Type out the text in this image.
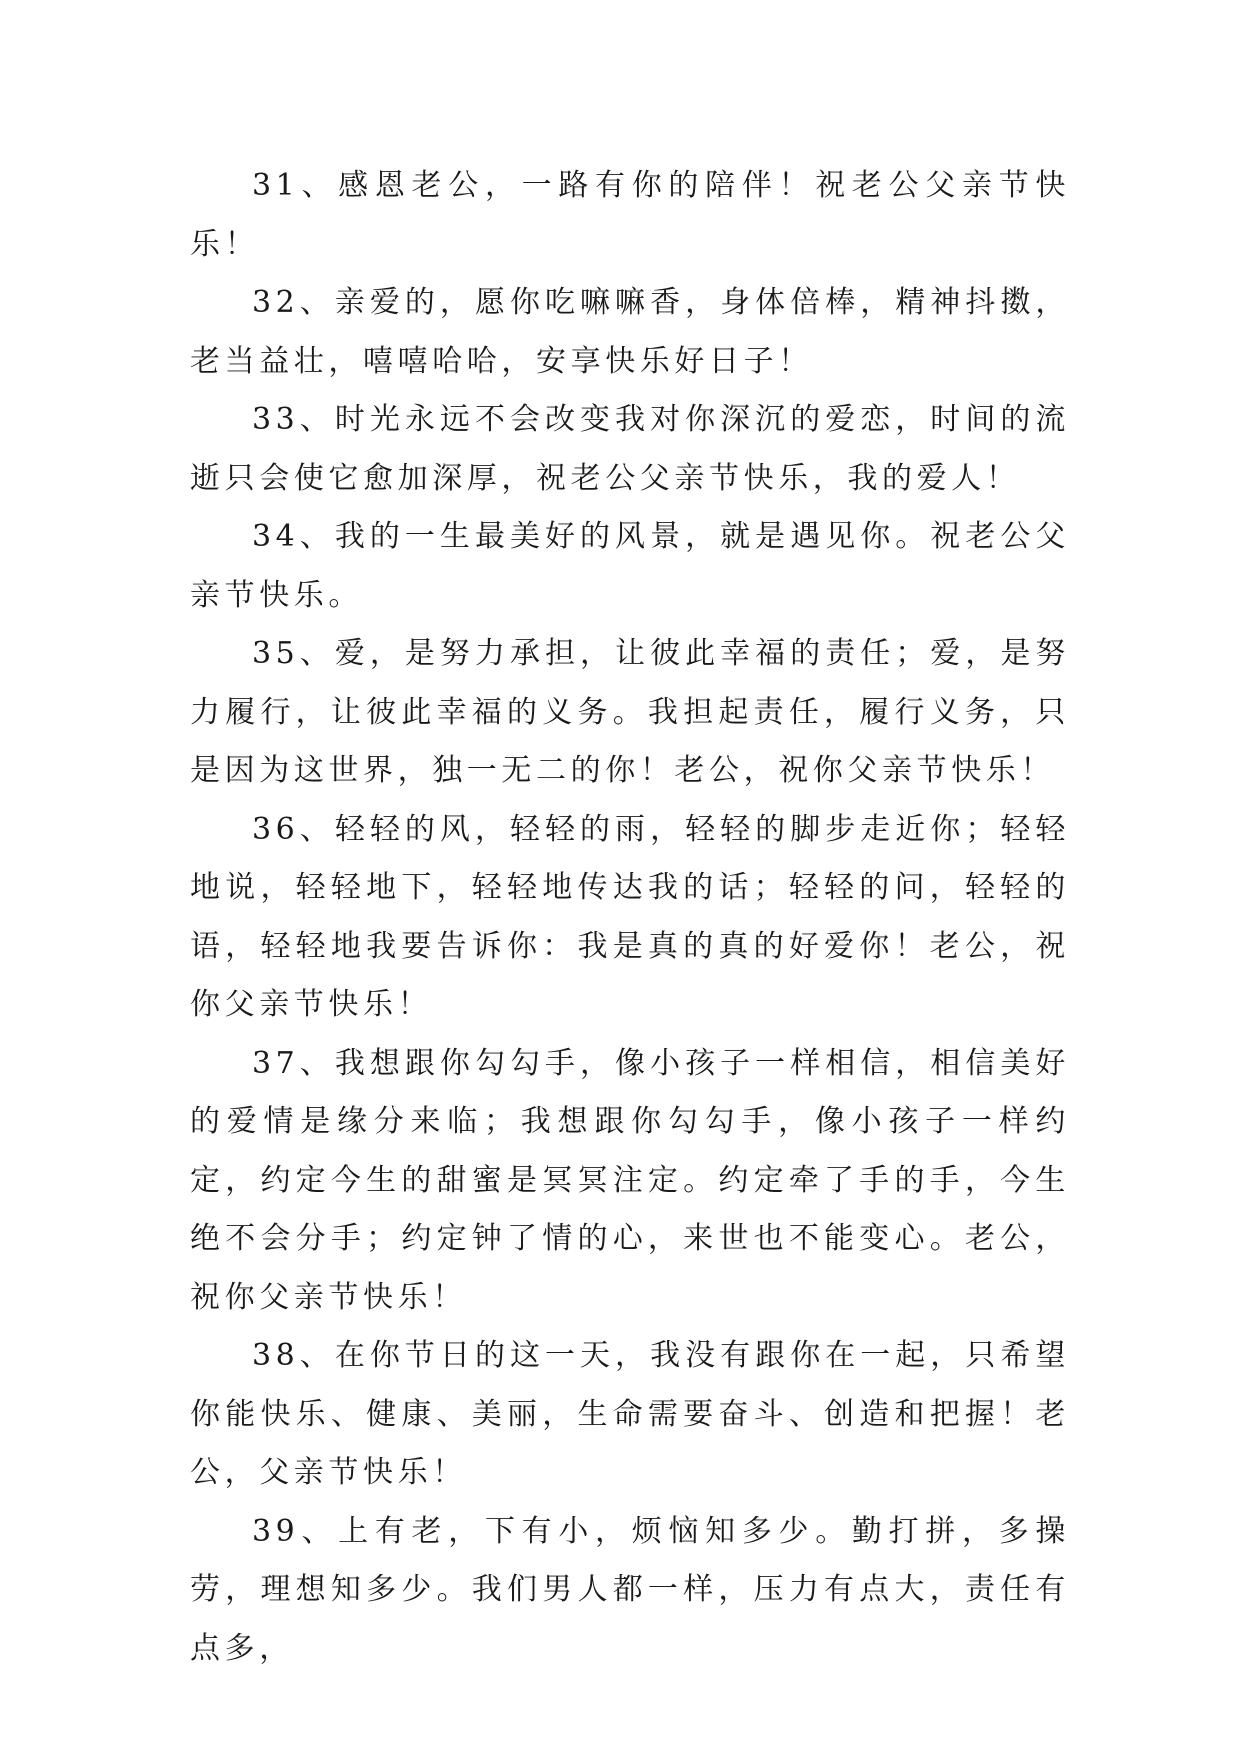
31、感恩老公，一路有你的陪伴！祝老公父亲节快乐！

32、亲爱的，愿你吃嘛嘛香，身体倍棒，精神抖擞，老当益壮，嘻嘻哈哈，安享快乐好日子！

33、时光永远不会改变我对你深沉的爱恋，时间的流逝只会使它愈加深厚，祝老公父亲节快乐，我的爱人！

34、我的一生最美好的风景，就是遇见你。祝老公父亲节快乐。

35、爱，是努力承担，让彼此幸福的责任；爱，是努力履行，让彼此幸福的义务。我担起责任，履行义务，只是因为这世界，独一无二的你！老公，祝你父亲节快乐！

36、轻轻的风，轻轻的雨，轻轻的脚步走近你；轻轻地说，轻轻地下，轻轻地传达我的话；轻轻的问，轻轻的语，轻轻地我要告诉你：我是真的真的好爱你！老公，祝你父亲节快乐！

37、我想跟你勾勾手，像小孩子一样相信，相信美好的爱情是缘分来临；我想跟你勾勾手，像小孩子一样约定，约定今生的甜蜜是冥冥注定。约定牵了手的手，今生绝不会分手；约定钟了情的心，来世也不能变心。老公，祝你父亲节快乐！

38、在你节日的这一天，我没有跟你在一起，只希望你能快乐、健康、美丽，生命需要奋斗、创造和把握！老公，父亲节快乐！

39、上有老，下有小，烦恼知多少。勤打拼，多操劳，理想知多少。我们男人都一样，压力有点大，责任有点多，
